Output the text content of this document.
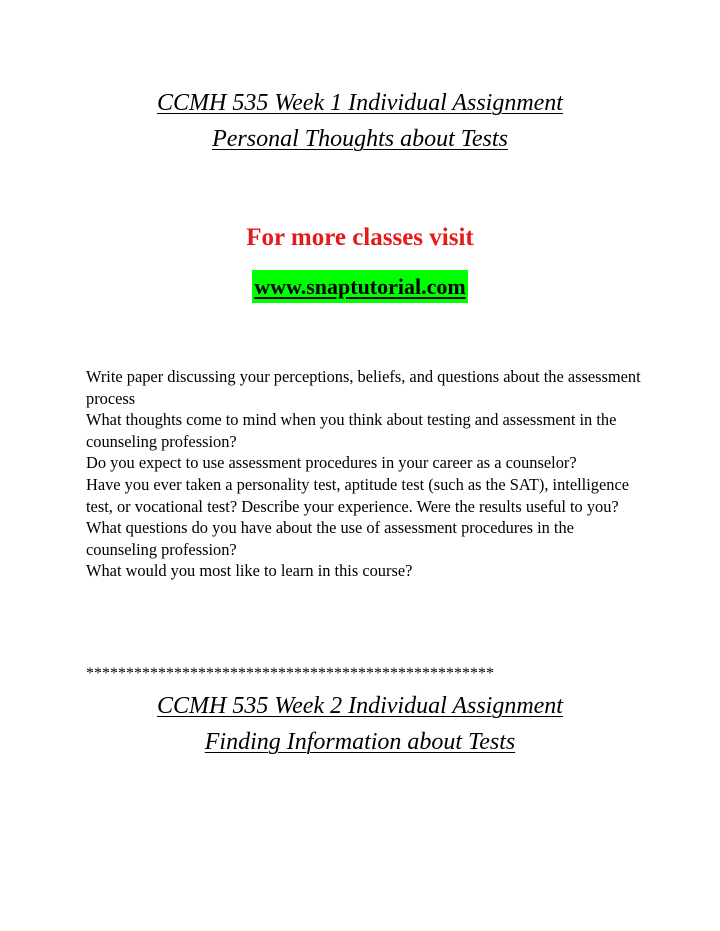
CCMH 535 Week 1 Individual Assignment
Personal Thoughts about Tests
For more classes visit
www.snaptutorial.com

Write paper discussing your perceptions, beliefs, and questions about the assessment process

What thoughts come to mind when you think about testing and assessment in the counseling profession?

Do you expect to use assessment procedures in your career as a counselor?

Have you ever taken a personality test, aptitude test (such as the SAT), intelligence test, or vocational test? Describe your experience. Were the results useful to you?

What questions do you have about the use of assessment procedures in the counseling profession?

What would you most like to learn in this course?

***************************************************
CCMH 535 Week 2 Individual Assignment
Finding Information about Tests
